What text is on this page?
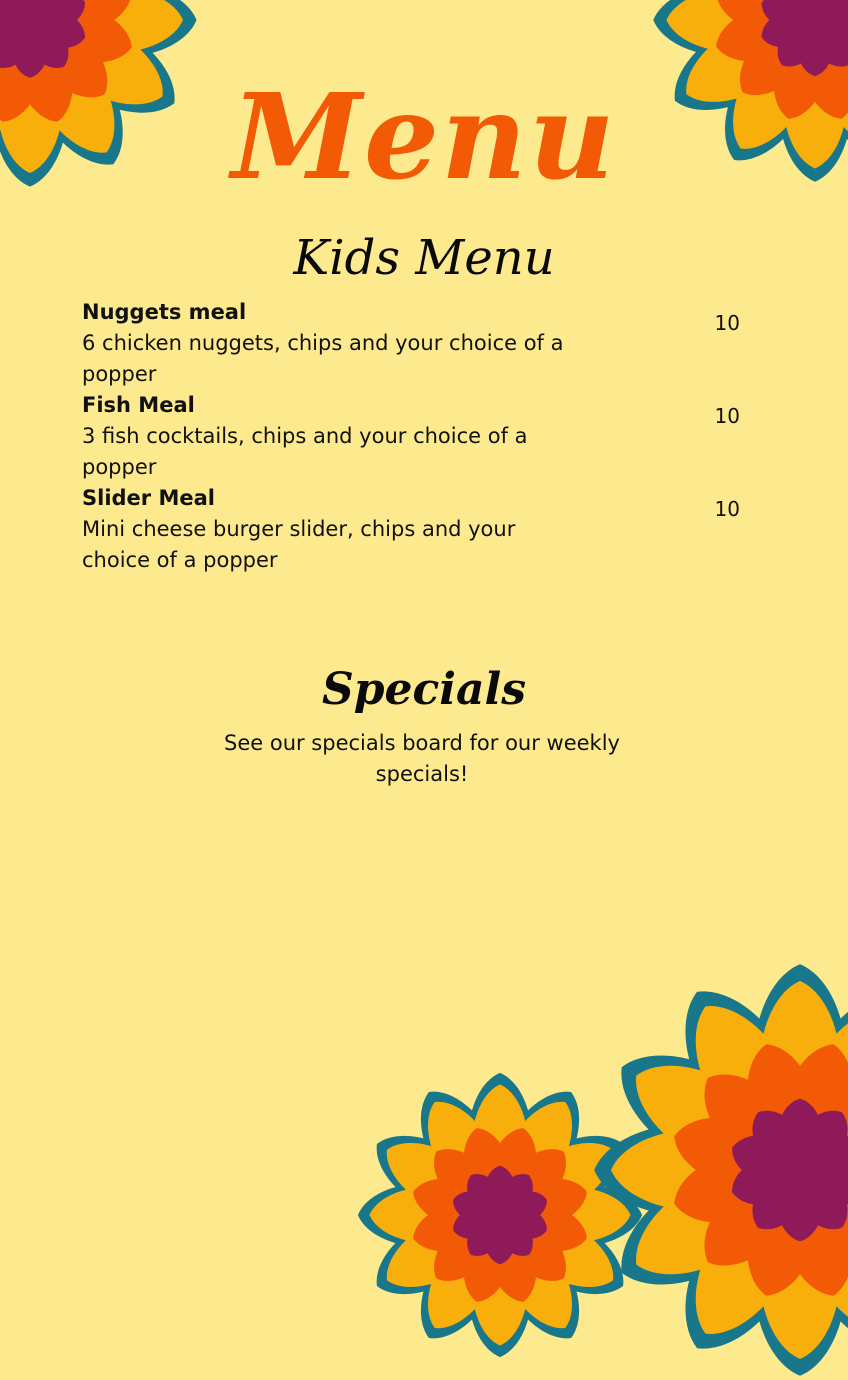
Menu
Kids Menu
Nuggets meal
6 chicken nuggets, chips and your choice of a popper
10
Fish Meal
3 fish cocktails, chips and your choice of a popper
10
Slider Meal
Mini cheese burger slider, chips and your choice of a popper
10
Specials
See our specials board for our weekly specials!
